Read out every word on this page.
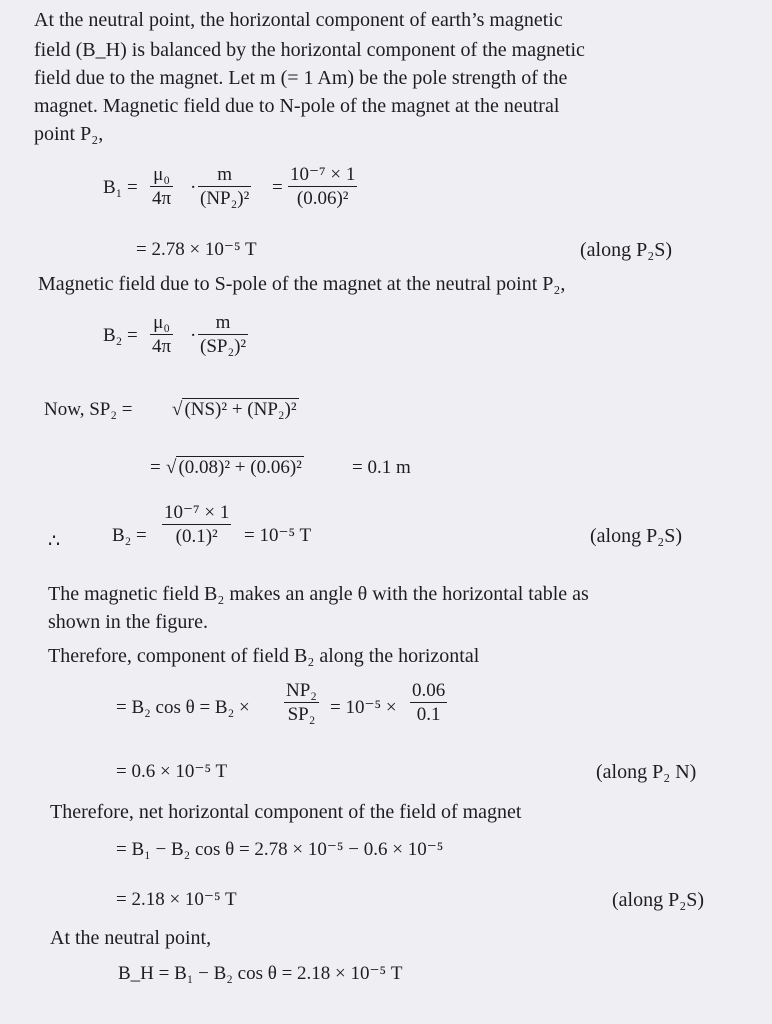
At the neutral point, the horizontal component of earth’s magnetic
field (B_H) is balanced by the horizontal component of the magnetic
field due to the magnet. Let m (= 1 Am) be the pole strength of the
magnet. Magnetic field due to N-pole of the magnet at the neutral
point P₂,
B₁ =
μ₀
4π
·
m
(NP₂)²
=
10⁻⁷ × 1
(0.06)²
= 2.78 × 10⁻⁵ T	(along P₂S)
Magnetic field due to S-pole of the magnet at the neutral point P₂,
B₂ =
μ₀
4π
·
m
(SP₂)²
Now, SP₂ = √ (NS)² + (NP₂)²
= √ (0.08)² + (0.06)²	= 0.1 m
∴	B₂ =
10⁻⁷ × 1
(0.1)² = 10⁻⁵ T	(along P₂S)
The magnetic field B₂ makes an angle θ with the horizontal table as
shown in the figure.
Therefore, component of field B₂ along the horizontal
= B₂ cos θ = B₂ ×
NP₂
SP₂ = 10⁻⁵ ×
0.06
0.1
= 0.6 × 10⁻⁵ T	(along P₂ N)
Therefore, net horizontal component of the field of magnet
= B₁ − B₂ cos θ = 2.78 × 10⁻⁵ − 0.6 × 10⁻⁵
= 2.18 × 10⁻⁵ T	(along P₂S)
At the neutral point,
B_H = B₁ − B₂ cos θ = 2.18 × 10⁻⁵ T
